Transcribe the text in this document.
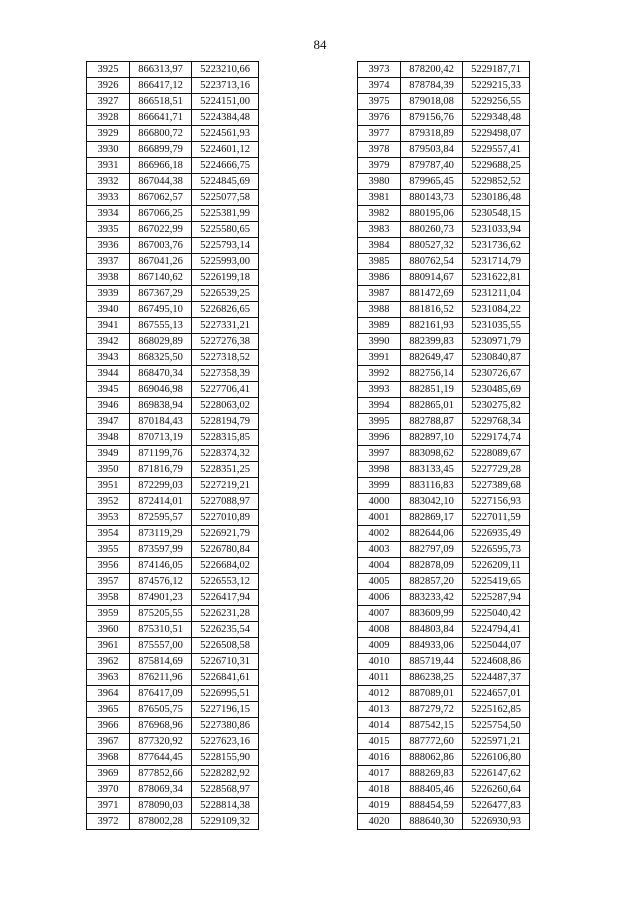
84
3925	866313,97	5223210,66
3926	866417,12	5223713,16
3927	866518,51	5224151,00
3928	866641,71	5224384,48
3929	866800,72	5224561,93
3930	866899,79	5224601,12
3931	866966,18	5224666,75
3932	867044,38	5224845,69
3933	867062,57	5225077,58
3934	867066,25	5225381,99
3935	867022,99	5225580,65
3936	867003,76	5225793,14
3937	867041,26	5225993,00
3938	867140,62	5226199,18
3939	867367,29	5226539,25
3940	867495,10	5226826,65
3941	867555,13	5227331,21
3942	868029,89	5227276,38
3943	868325,50	5227318,52
3944	868470,34	5227358,39
3945	869046,98	5227706,41
3946	869838,94	5228063,02
3947	870184,43	5228194,79
3948	870713,19	5228315,85
3949	871199,76	5228374,32
3950	871816,79	5228351,25
3951	872299,03	5227219,21
3952	872414,01	5227088,97
3953	872595,57	5227010,89
3954	873119,29	5226921,79
3955	873597,99	5226780,84
3956	874146,05	5226684,02
3957	874576,12	5226553,12
3958	874901,23	5226417,94
3959	875205,55	5226231,28
3960	875310,51	5226235,54
3961	875557,00	5226508,58
3962	875814,69	5226710,31
3963	876211,96	5226841,61
3964	876417,09	5226995,51
3965	876505,75	5227196,15
3966	876968,96	5227380,86
3967	877320,92	5227623,16
3968	877644,45	5228155,90
3969	877852,66	5228282,92
3970	878069,34	5228568,97
3971	878090,03	5228814,38
3972	878002,28	5229109,32
3973	878200,42	5229187,71
3974	878784,39	5229215,33
3975	879018,08	5229256,55
3976	879156,76	5229348,48
3977	879318,89	5229498,07
3978	879503,84	5229557,41
3979	879787,40	5229688,25
3980	879965,45	5229852,52
3981	880143,73	5230186,48
3982	880195,06	5230548,15
3983	880260,73	5231033,94
3984	880527,32	5231736,62
3985	880762,54	5231714,79
3986	880914,67	5231622,81
3987	881472,69	5231211,04
3988	881816,52	5231084,22
3989	882161,93	5231035,55
3990	882399,83	5230971,79
3991	882649,47	5230840,87
3992	882756,14	5230726,67
3993	882851,19	5230485,69
3994	882865,01	5230275,82
3995	882788,87	5229768,34
3996	882897,10	5229174,74
3997	883098,62	5228089,67
3998	883133,45	5227729,28
3999	883116,83	5227389,68
4000	883042,10	5227156,93
4001	882869,17	5227011,59
4002	882644,06	5226935,49
4003	882797,09	5226595,73
4004	882878,09	5226209,11
4005	882857,20	5225419,65
4006	883233,42	5225287,94
4007	883609,99	5225040,42
4008	884803,84	5224794,41
4009	884933,06	5225044,07
4010	885719,44	5224608,86
4011	886238,25	5224487,37
4012	887089,01	5224657,01
4013	887279,72	5225162,85
4014	887542,15	5225754,50
4015	887772,60	5225971,21
4016	888062,86	5226106,80
4017	888269,83	5226147,62
4018	888405,46	5226260,64
4019	888454,59	5226477,83
4020	888640,30	5226930,93
